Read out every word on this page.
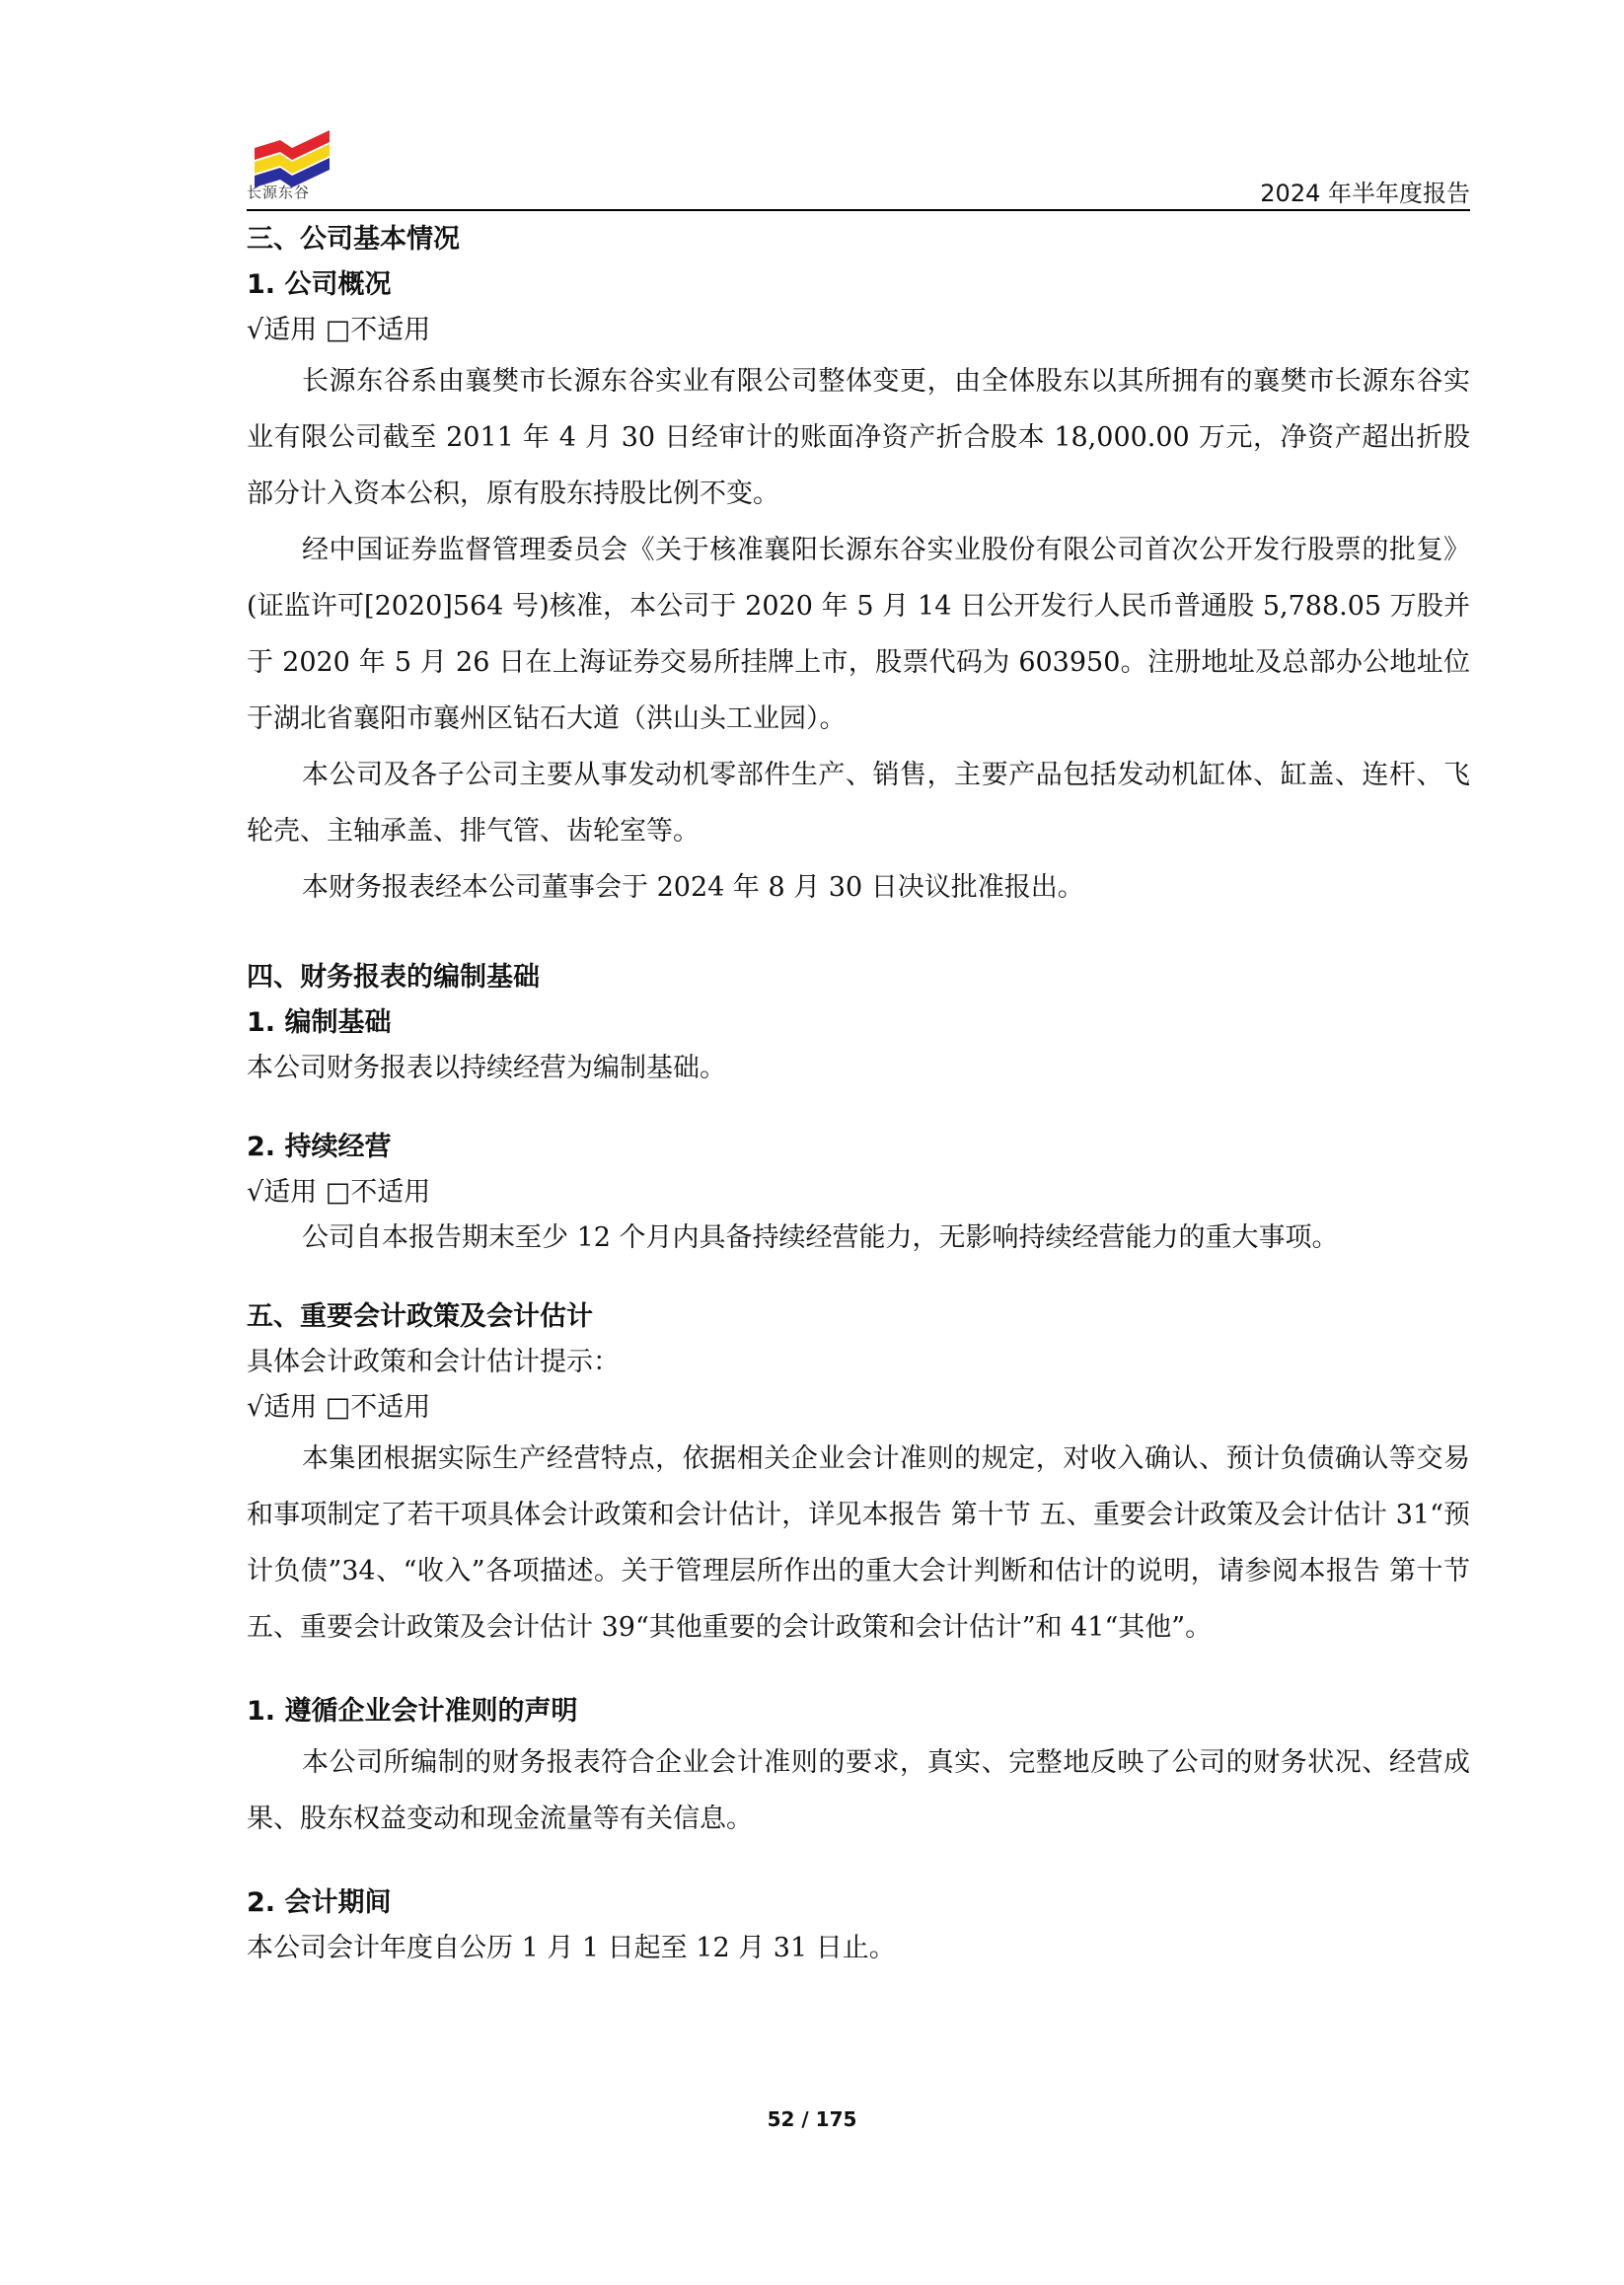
长源东谷	2024 年半年度报告

三、公司基本情况

1. 公司概况

√适用 □不适用

长源东谷系由襄樊市长源东谷实业有限公司整体变更，由全体股东以其所拥有的襄樊市长源东谷实业有限公司截至 2011 年 4 月 30 日经审计的账面净资产折合股本 18,000.00 万元，净资产超出折股部分计入资本公积，原有股东持股比例不变。

经中国证券监督管理委员会《关于核准襄阳长源东谷实业股份有限公司首次公开发行股票的批复》(证监许可[2020]564 号)核准，本公司于 2020 年 5 月 14 日公开发行人民币普通股 5,788.05 万股并于 2020 年 5 月 26 日在上海证券交易所挂牌上市，股票代码为 603950。注册地址及总部办公地址位于湖北省襄阳市襄州区钻石大道（洪山头工业园）。

本公司及各子公司主要从事发动机零部件生产、销售，主要产品包括发动机缸体、缸盖、连杆、飞轮壳、主轴承盖、排气管、齿轮室等。

本财务报表经本公司董事会于 2024 年 8 月 30 日决议批准报出。

四、财务报表的编制基础

1. 编制基础

本公司财务报表以持续经营为编制基础。

2. 持续经营

√适用 □不适用

公司自本报告期末至少 12 个月内具备持续经营能力，无影响持续经营能力的重大事项。

五、重要会计政策及会计估计

具体会计政策和会计估计提示：

√适用 □不适用

本集团根据实际生产经营特点，依据相关企业会计准则的规定，对收入确认、预计负债确认等交易和事项制定了若干项具体会计政策和会计估计，详见本报告 第十节 五、重要会计政策及会计估计 31“预计负债”34、“收入”各项描述。关于管理层所作出的重大会计判断和估计的说明，请参阅本报告 第十节 五、重要会计政策及会计估计 39“其他重要的会计政策和会计估计”和 41“其他”。

1. 遵循企业会计准则的声明

本公司所编制的财务报表符合企业会计准则的要求，真实、完整地反映了公司的财务状况、经营成果、股东权益变动和现金流量等有关信息。

2. 会计期间

本公司会计年度自公历 1 月 1 日起至 12 月 31 日止。

52 / 175
